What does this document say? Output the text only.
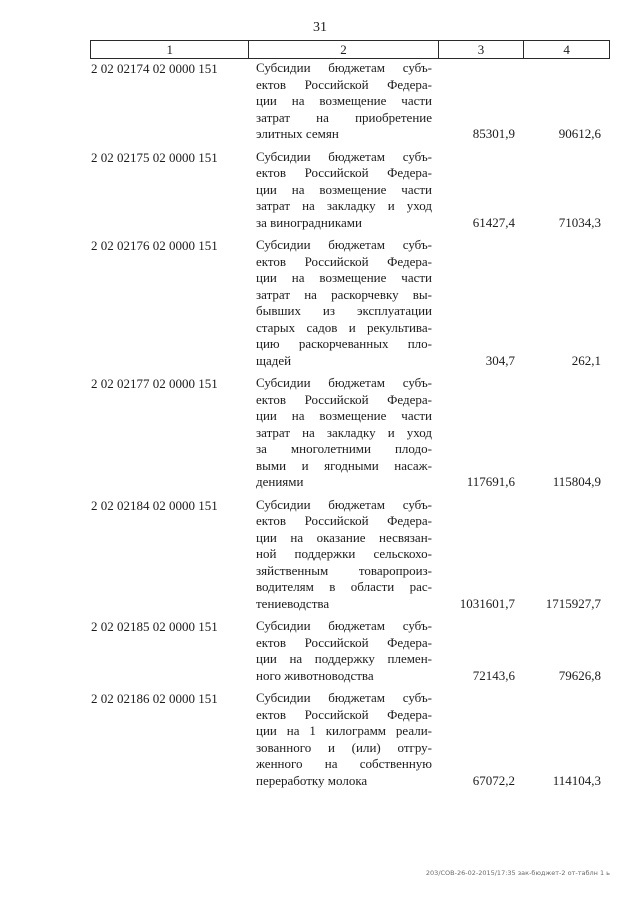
31
1	2	3	4
2 02 02174 02 0000 151	Субсидии бюджетам субъ-
ектов Российской Федера-
ции на возмещение части
затрат на приобретение
элитных семян	85301,9	90612,6
2 02 02175 02 0000 151	Субсидии бюджетам субъ-
ектов Российской Федера-
ции на возмещение части
затрат на закладку и уход
за виноградниками	61427,4	71034,3
2 02 02176 02 0000 151	Субсидии бюджетам субъ-
ектов Российской Федера-
ции на возмещение части
затрат на раскорчевку вы-
бывших из эксплуатации
старых садов и рекультива-
цию раскорчеванных пло-
щадей	304,7	262,1
2 02 02177 02 0000 151	Субсидии бюджетам субъ-
ектов Российской Федера-
ции на возмещение части
затрат на закладку и уход
за многолетними плодо-
выми и ягодными насаж-
дениями	117691,6	115804,9
2 02 02184 02 0000 151	Субсидии бюджетам субъ-
ектов Российской Федера-
ции на оказание несвязан-
ной поддержки сельскохо-
зяйственным товаропроиз-
водителям в области рас-
тениеводства	1031601,7 1715927,7
2 02 02185 02 0000 151	Субсидии бюджетам субъ-
ектов Российской Федера-
ции на поддержку племен-
ного животноводства	72143,6	79626,8
2 02 02186 02 0000 151	Субсидии бюджетам субъ-
ектов Российской Федера-
ции на 1 килограмм реали-
зованного и (или) отгру-
женного на собственную
переработку молока	67072,2	114104,3
203/СОВ-26-02-2015/17:35 зак-бюджет-2 от-таблн 1 ь
